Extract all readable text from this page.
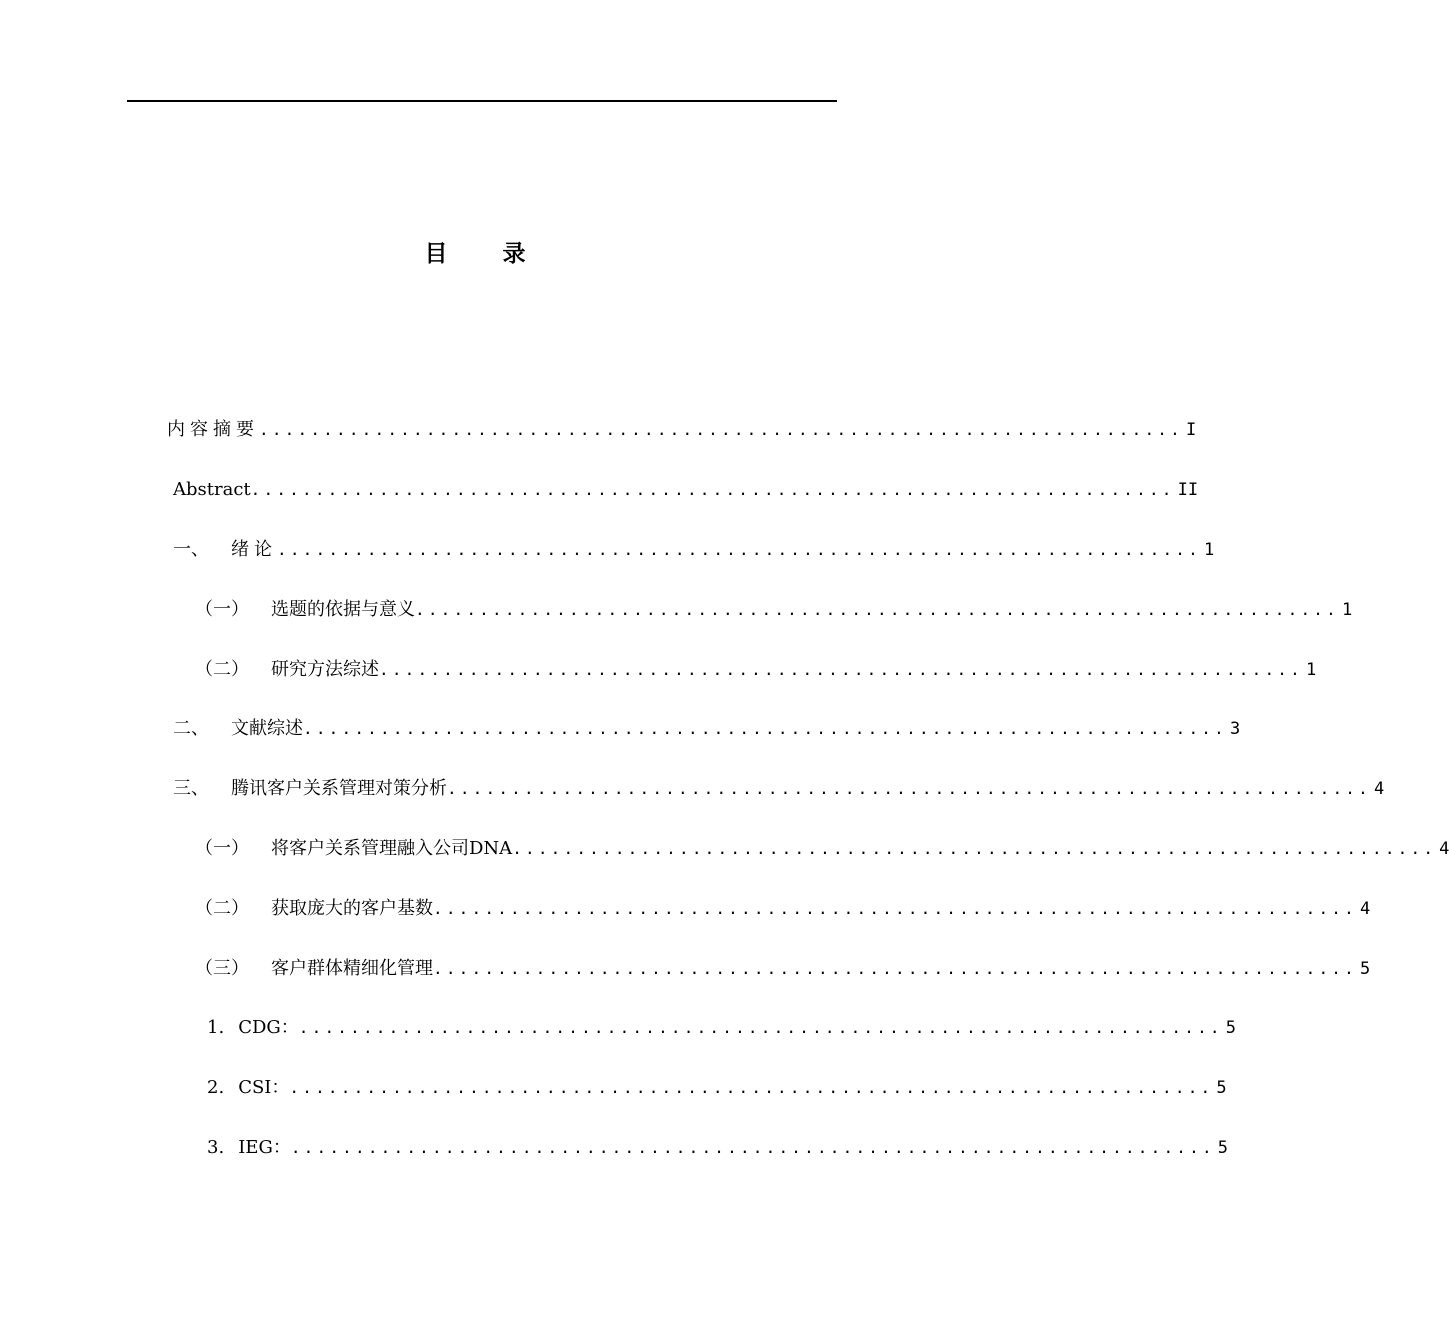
目 录
内容摘要 ........................................................................ I
Abstract ........................................................................ II
一、 绪论 ........................................................................ 1
（一） 选题的依据与意义 ........................................................................ 1
（二） 研究方法综述 ........................................................................ 1
二、 文献综述 ........................................................................ 3
三、 腾讯客户关系管理对策分析 ........................................................................ 4
（一） 将客户关系管理融入公司DNA ........................................................................ 4
（二） 获取庞大的客户基数 ........................................................................ 4
（三） 客户群体精细化管理 ........................................................................ 5
1. CDG： ........................................................................ 5
2. CSI： ........................................................................ 5
3. IEG： ........................................................................ 5
